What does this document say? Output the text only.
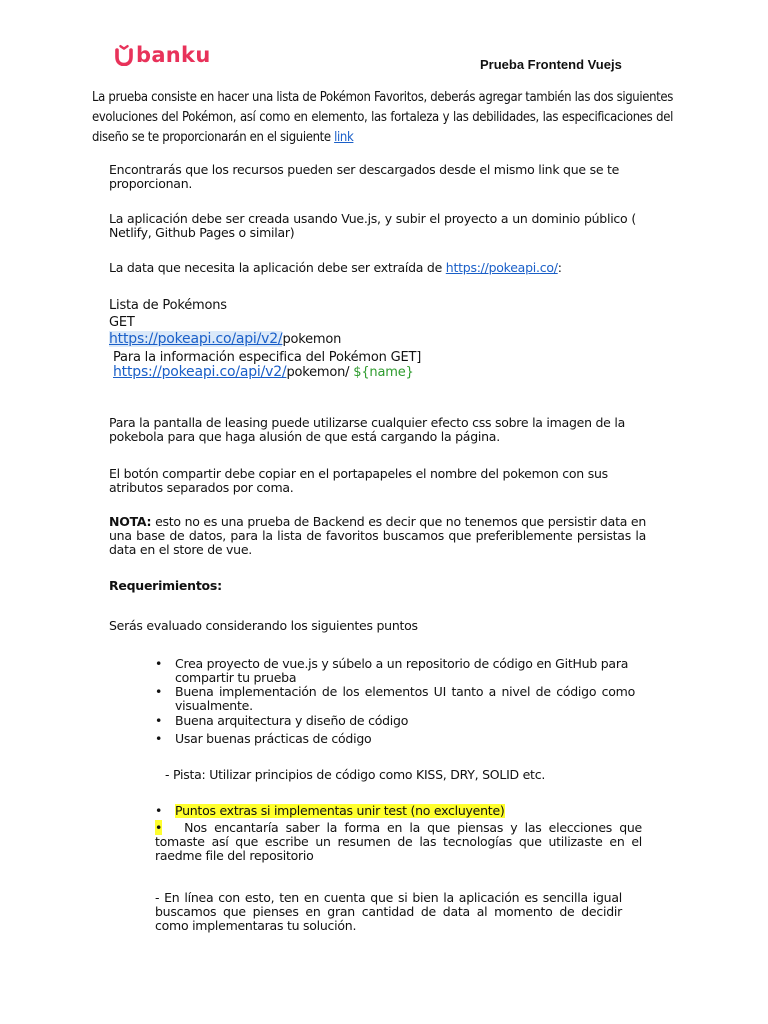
banku	Prueba Frontend Vuejs
La prueba consiste en hacer una lista de Pokémon Favoritos, deberás agregar también las dos siguientes evoluciones del Pokémon, así como en elemento, las fortaleza y las debilidades, las especificaciones del diseño se te proporcionarán en el siguiente link
Encontrarás que los recursos pueden ser descargados desde el mismo link que se te proporcionan.
La aplicación debe ser creada usando Vue.js, y subir el proyecto a un dominio público ( Netlify, Github Pages o similar)
La data que necesita la aplicación debe ser extraída de https://pokeapi.co/:
Lista de Pokémons
GET
https://pokeapi.co/api/v2/pokemon
Para la información especifica del Pokémon GET]
https://pokeapi.co/api/v2/pokemon/ ${name}
Para la pantalla de leasing puede utilizarse cualquier efecto css sobre la imagen de la pokebola para que haga alusión de que está cargando la página.
El botón compartir debe copiar en el portapapeles el nombre del pokemon con sus atributos separados por coma.
NOTA: esto no es una prueba de Backend es decir que no tenemos que persistir data en una base de datos, para la lista de favoritos buscamos que preferiblemente persistas la data en el store de vue.
Requerimientos:
Serás evaluado considerando los siguientes puntos
•	Crea proyecto de vue.js y súbelo a un repositorio de código en GitHub para compartir tu prueba
•	Buena implementación de los elementos UI tanto a nivel de código como visualmente.
•	Buena arquitectura y diseño de código
•	Usar buenas prácticas de código
- Pista: Utilizar principios de código como KISS, DRY, SOLID etc.
•	Puntos extras si implementas unir test (no excluyente)
• Nos encantaría saber la forma en la que piensas y las elecciones que tomaste así que escribe un resumen de las tecnologías que utilizaste en el raedme file del repositorio
- En línea con esto, ten en cuenta que si bien la aplicación es sencilla igual buscamos que pienses en gran cantidad de data al momento de decidir como implementaras tu solución.
